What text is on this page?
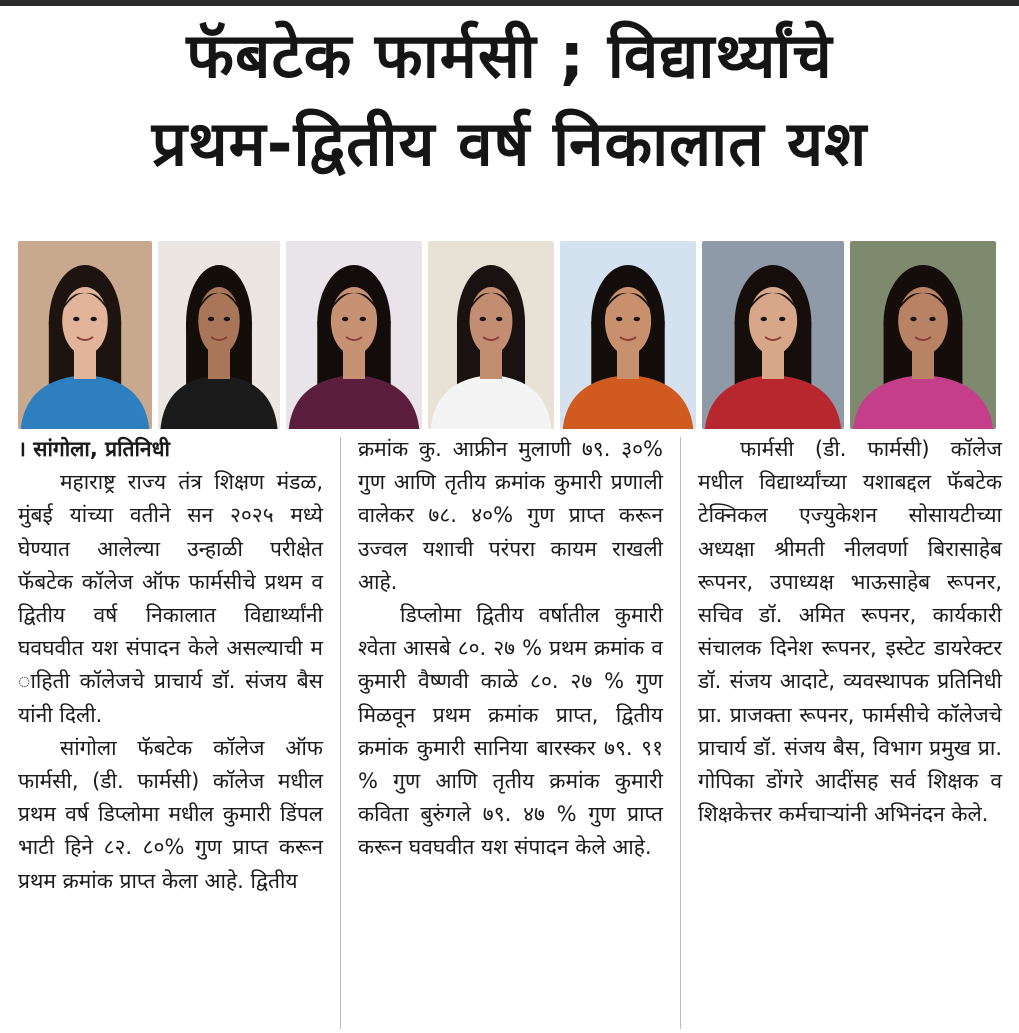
फॅबटेक फार्मसी ; विद्यार्थ्यांचे
प्रथम-द्वितीय वर्ष निकालात यश

। सांगोला, प्रतिनिधी

महाराष्ट्र राज्य तंत्र शिक्षण मंडळ, मुंबई यांच्या वतीने सन २०२५ मध्ये घेण्यात आलेल्या उन्हाळी परीक्षेत फॅबटेक कॉलेज ऑफ फार्मसीचे प्रथम व द्वितीय वर्ष निकालात विद्यार्थ्यांनी घवघवीत यश संपादन केले असल्याची म ाहिती कॉलेजचे प्राचार्य डॉ. संजय बैस यांनी दिली.

सांगोला फॅबटेक कॉलेज ऑफ फार्मसी, (डी. फार्मसी) कॉलेज मधील प्रथम वर्ष डिप्लोमा मधील कुमारी डिंपल भाटी हिने ८२. ८०% गुण प्राप्त करून प्रथम क्रमांक प्राप्त केला आहे. द्वितीय

क्रमांक कु. आफ्रीन मुलाणी ७९. ३०% गुण आणि तृतीय क्रमांक कुमारी प्रणाली वालेकर ७८. ४०% गुण प्राप्त करून उज्वल यशाची परंपरा कायम राखली आहे.

डिप्लोमा द्वितीय वर्षातील कुमारी श्वेता आसबे ८०. २७ % प्रथम क्रमांक व कुमारी वैष्णवी काळे ८०. २७ % गुण मिळवून प्रथम क्रमांक प्राप्त, द्वितीय क्रमांक कुमारी सानिया बारस्कर ७९. ९१ % गुण आणि तृतीय क्रमांक कुमारी कविता बुरुंगले ७९. ४७ % गुण प्राप्त करून घवघवीत यश संपादन केले आहे.

फार्मसी (डी. फार्मसी) कॉलेज मधील विद्यार्थ्यांच्या यशाबद्दल फॅबटेक टेक्निकल एज्युकेशन सोसायटीच्या अध्यक्षा श्रीमती नीलवर्णा बिरासाहेब रूपनर, उपाध्यक्ष भाऊसाहेब रूपनर, सचिव डॉ. अमित रूपनर, कार्यकारी संचालक दिनेश रूपनर, इस्टेट डायरेक्टर डॉ. संजय आदाटे, व्यवस्थापक प्रतिनिधी प्रा. प्राजक्ता रूपनर, फार्मसीचे कॉलेजचे प्राचार्य डॉ. संजय बैस, विभाग प्रमुख प्रा. गोपिका डोंगरे आदींसह सर्व शिक्षक व शिक्षकेत्तर कर्मचाऱ्यांनी अभिनंदन केले.
